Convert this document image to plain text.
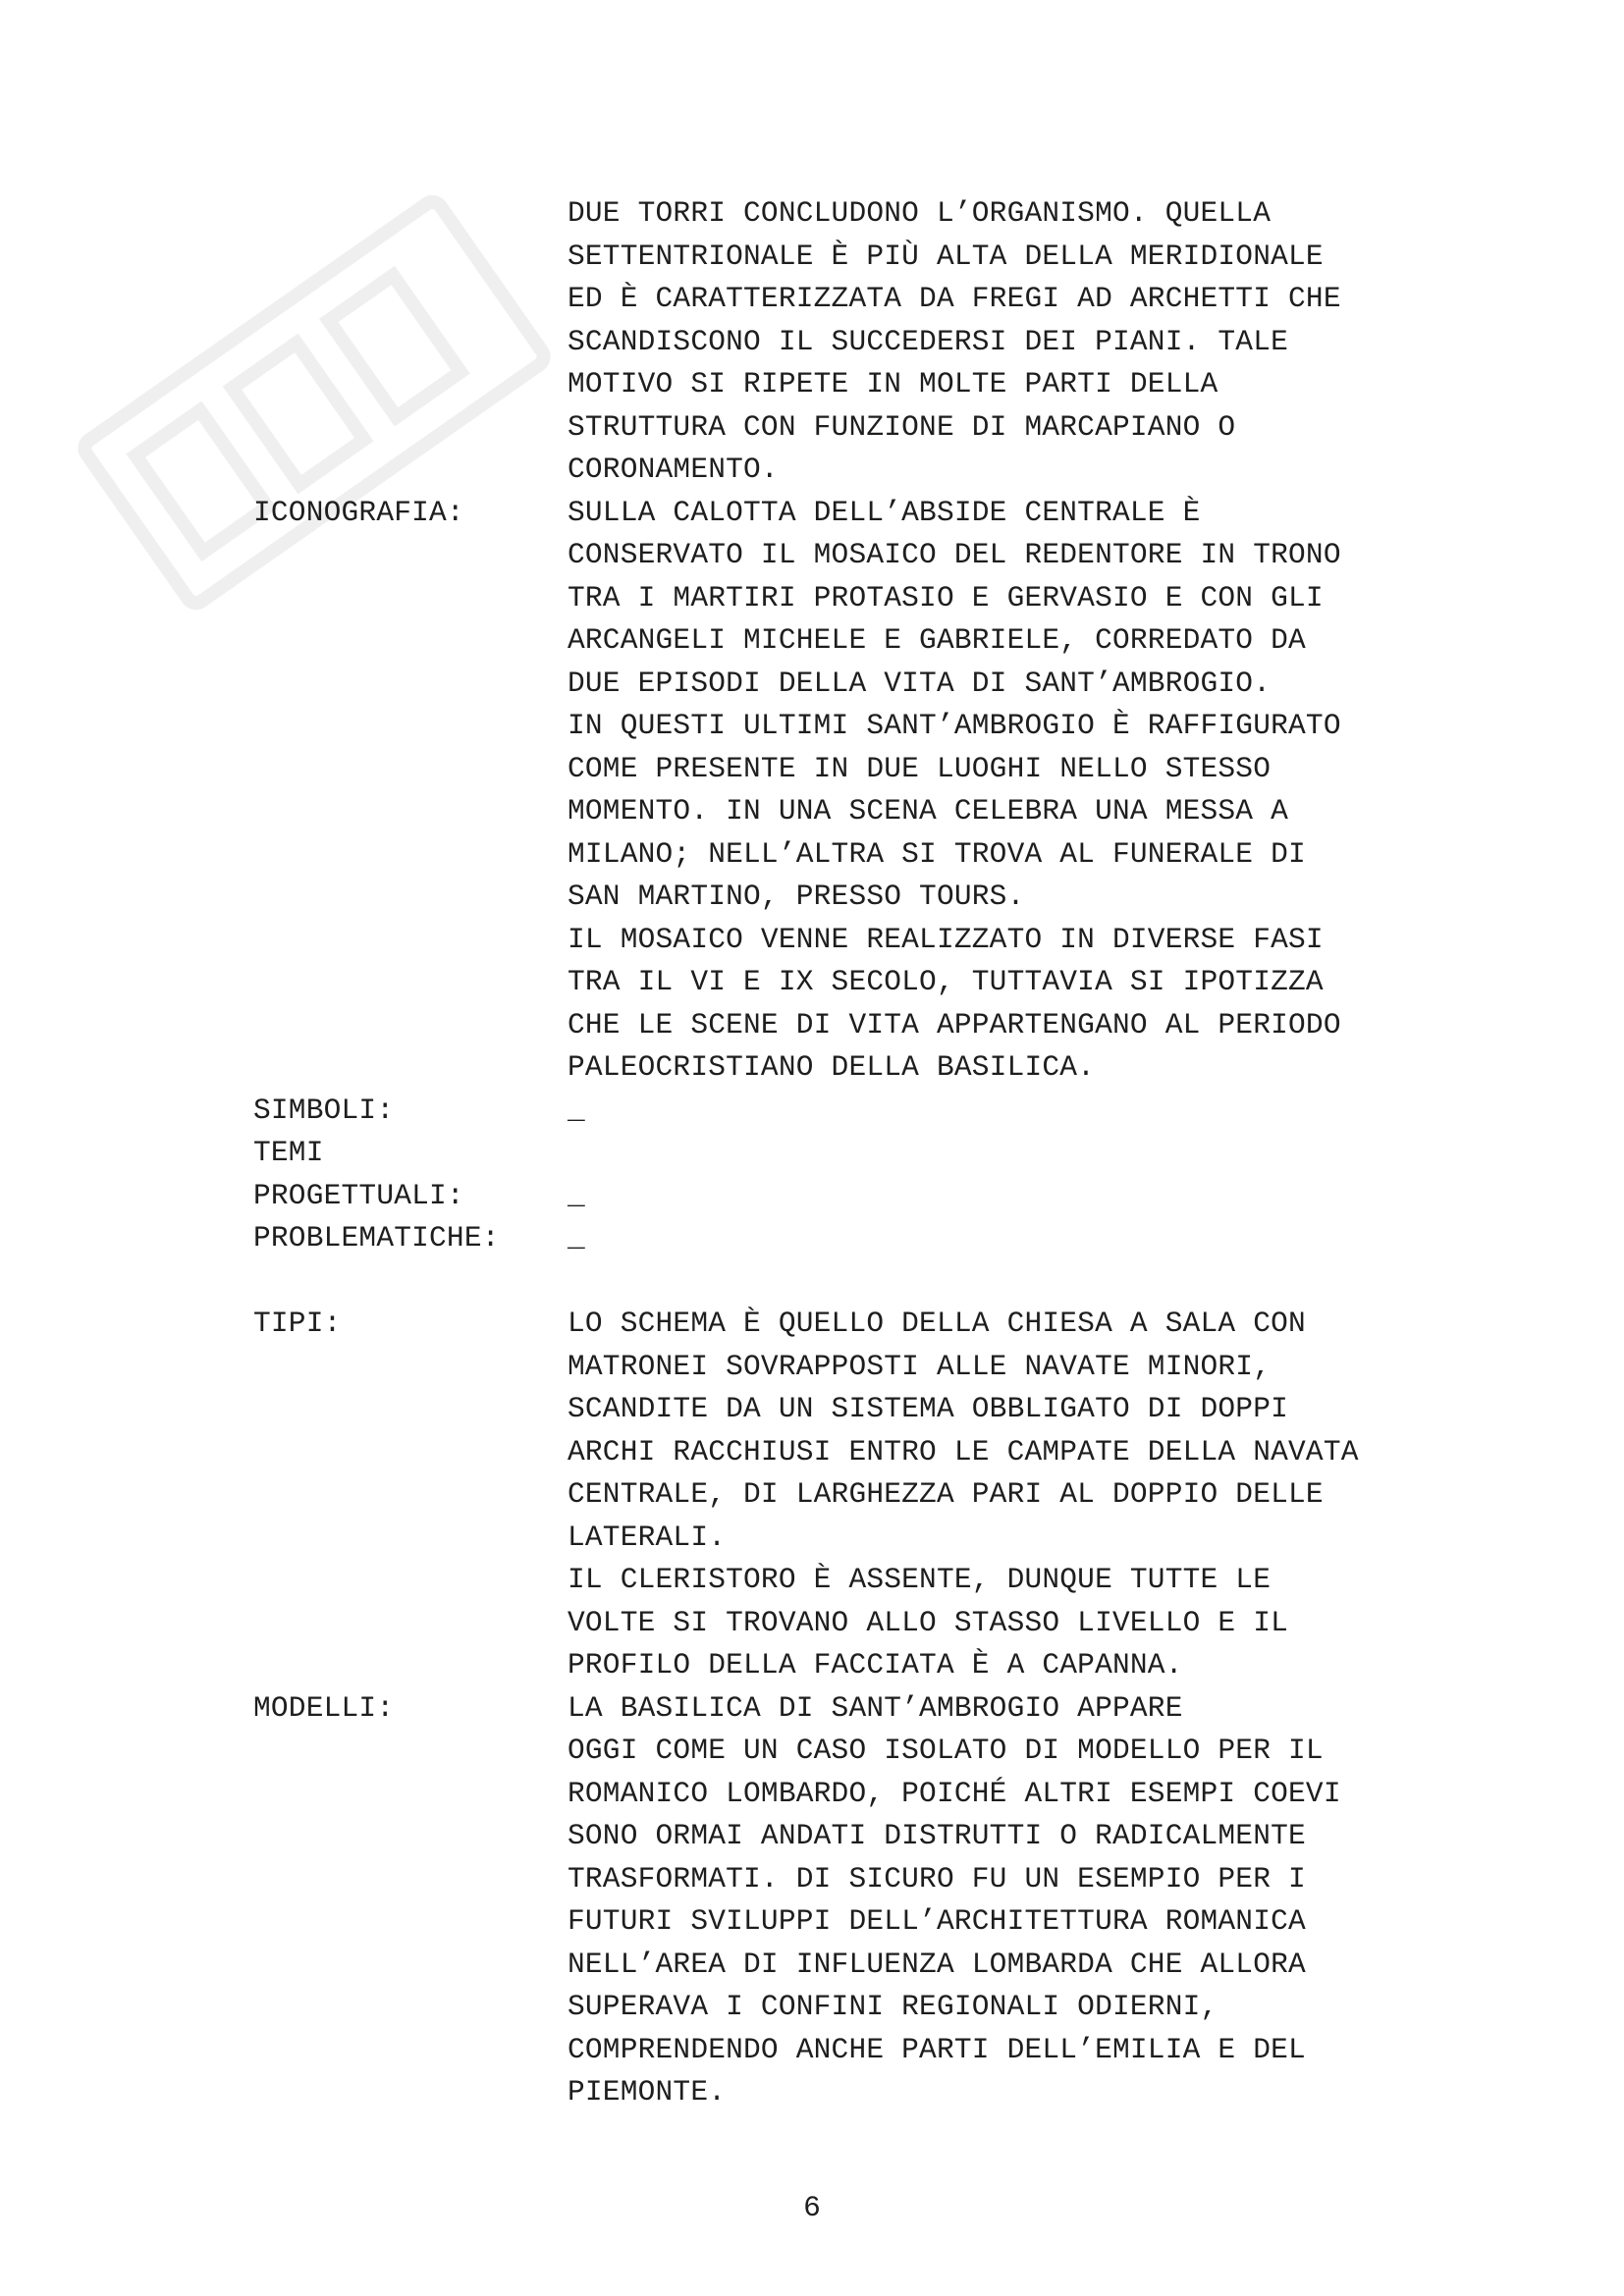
DUE TORRI CONCLUDONO L’ORGANISMO. QUELLA
SETTENTRIONALE È PIÙ ALTA DELLA MERIDIONALE
ED È CARATTERIZZATA DA FREGI AD ARCHETTI CHE
SCANDISCONO IL SUCCEDERSI DEI PIANI. TALE
MOTIVO SI RIPETE IN MOLTE PARTI DELLA
STRUTTURA CON FUNZIONE DI MARCAPIANO O
CORONAMENTO.
ICONOGRAFIA:	SULLA CALOTTA DELL’ABSIDE CENTRALE È
CONSERVATO IL MOSAICO DEL REDENTORE IN TRONO
TRA I MARTIRI PROTASIO E GERVASIO E CON GLI
ARCANGELI MICHELE E GABRIELE, CORREDATO DA
DUE EPISODI DELLA VITA DI SANT’AMBROGIO.
IN QUESTI ULTIMI SANT’AMBROGIO È RAFFIGURATO
COME PRESENTE IN DUE LUOGHI NELLO STESSO
MOMENTO. IN UNA SCENA CELEBRA UNA MESSA A
MILANO; NELL’ALTRA SI TROVA AL FUNERALE DI
SAN MARTINO, PRESSO TOURS.
IL MOSAICO VENNE REALIZZATO IN DIVERSE FASI
TRA IL VI E IX SECOLO, TUTTAVIA SI IPOTIZZA
CHE LE SCENE DI VITA APPARTENGANO AL PERIODO
PALEOCRISTIANO DELLA BASILICA.
SIMBOLI:	_
TEMI
PROGETTUALI:	_
PROBLEMATICHE:	_
TIPI:	LO SCHEMA È QUELLO DELLA CHIESA A SALA CON
MATRONEI SOVRAPPOSTI ALLE NAVATE MINORI,
SCANDITE DA UN SISTEMA OBBLIGATO DI DOPPI
ARCHI RACCHIUSI ENTRO LE CAMPATE DELLA NAVATA
CENTRALE, DI LARGHEZZA PARI AL DOPPIO DELLE
LATERALI.
IL CLERISTORO È ASSENTE, DUNQUE TUTTE LE
VOLTE SI TROVANO ALLO STASSO LIVELLO E IL
PROFILO DELLA FACCIATA È A CAPANNA.
MODELLI:	LA BASILICA DI SANT’AMBROGIO APPARE
OGGI COME UN CASO ISOLATO DI MODELLO PER IL
ROMANICO LOMBARDO, POICHÉ ALTRI ESEMPI COEVI
SONO ORMAI ANDATI DISTRUTTI O RADICALMENTE
TRASFORMATI. DI SICURO FU UN ESEMPIO PER I
FUTURI SVILUPPI DELL’ARCHITETTURA ROMANICA
NELL’AREA DI INFLUENZA LOMBARDA CHE ALLORA
SUPERAVA I CONFINI REGIONALI ODIERNI,
COMPRENDENDO ANCHE PARTI DELL’EMILIA E DEL
PIEMONTE.
6
